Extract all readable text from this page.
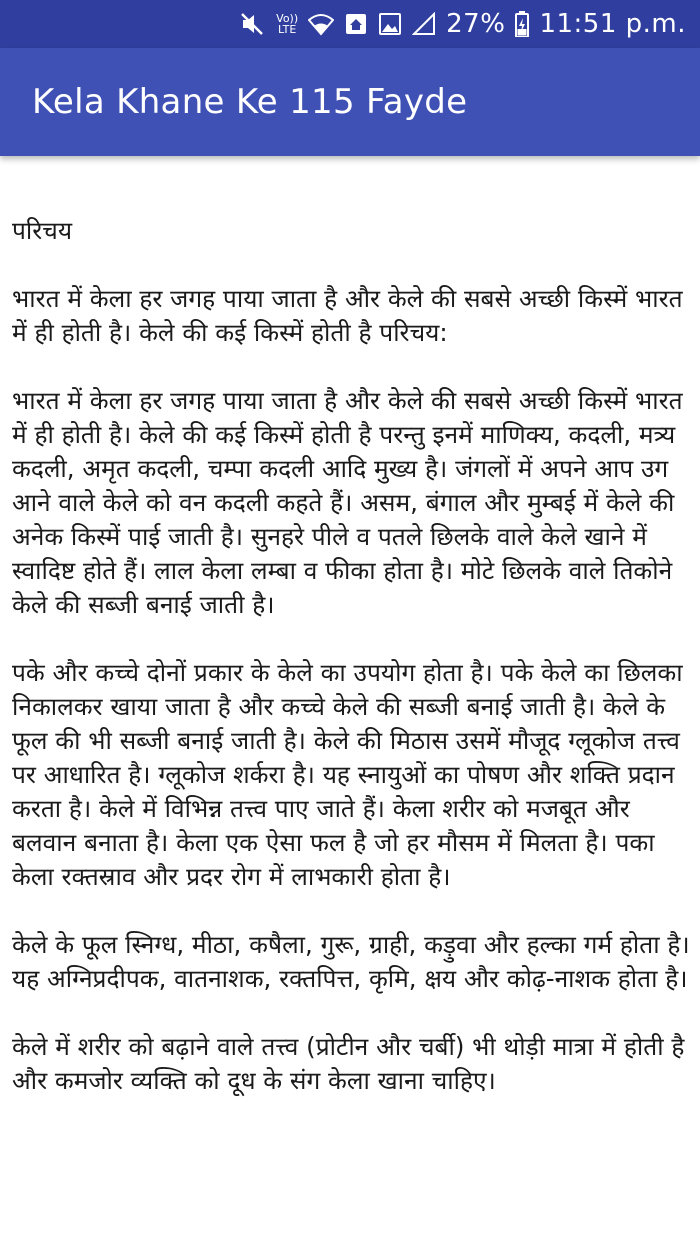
Vo))
LTE	27% 11:51 p.m.
Kela Khane Ke 115 Fayde

परिचय

भारत में केला हर जगह पाया जाता है और केले की सबसे अच्छी किस्में भारत में ही होती है। केले की कई किस्में होती है परिचय:

भारत में केला हर जगह पाया जाता है और केले की सबसे अच्छी किस्में भारत में ही होती है। केले की कई किस्में होती है परन्तु इनमें माणिक्य, कदली, मत्र्य कदली, अमृत कदली, चम्पा कदली आदि मुख्य है। जंगलों में अपने आप उग आने वाले केले को वन कदली कहते हैं। असम, बंगाल और मुम्बई में केले की अनेक किस्में पाई जाती है। सुनहरे पीले व पतले छिलके वाले केले खाने में स्वादिष्ट होते हैं। लाल केला लम्बा व फीका होता है। मोटे छिलके वाले तिकोने केले की सब्जी बनाई जाती है।

पके और कच्चे दोनों प्रकार के केले का उपयोग होता है। पके केले का छिलका निकालकर खाया जाता है और कच्चे केले की सब्जी बनाई जाती है। केले के फूल की भी सब्जी बनाई जाती है। केले की मिठास उसमें मौजूद ग्लूकोज तत्त्व पर आधारित है। ग्लूकोज शर्करा है। यह स्नायुओं का पोषण और शक्ति प्रदान करता है। केले में विभिन्न तत्त्व पाए जाते हैं। केला शरीर को मजबूत और बलवान बनाता है। केला एक ऐसा फल है जो हर मौसम में मिलता है। पका केला रक्तस्राव और प्रदर रोग में लाभकारी होता है।

केले के फूल स्निग्ध, मीठा, कषैला, गुरू, ग्राही, कड़ुवा और हल्का गर्म होता है। यह अग्निप्रदीपक, वातनाशक, रक्तपित्त, कृमि, क्षय और कोढ़-नाशक होता है।

केले में शरीर को बढ़ाने वाले तत्त्व (प्रोटीन और चर्बी) भी थोड़ी मात्रा में होती है और कमजोर व्यक्ति को दूध के संग केला खाना चाहिए।
